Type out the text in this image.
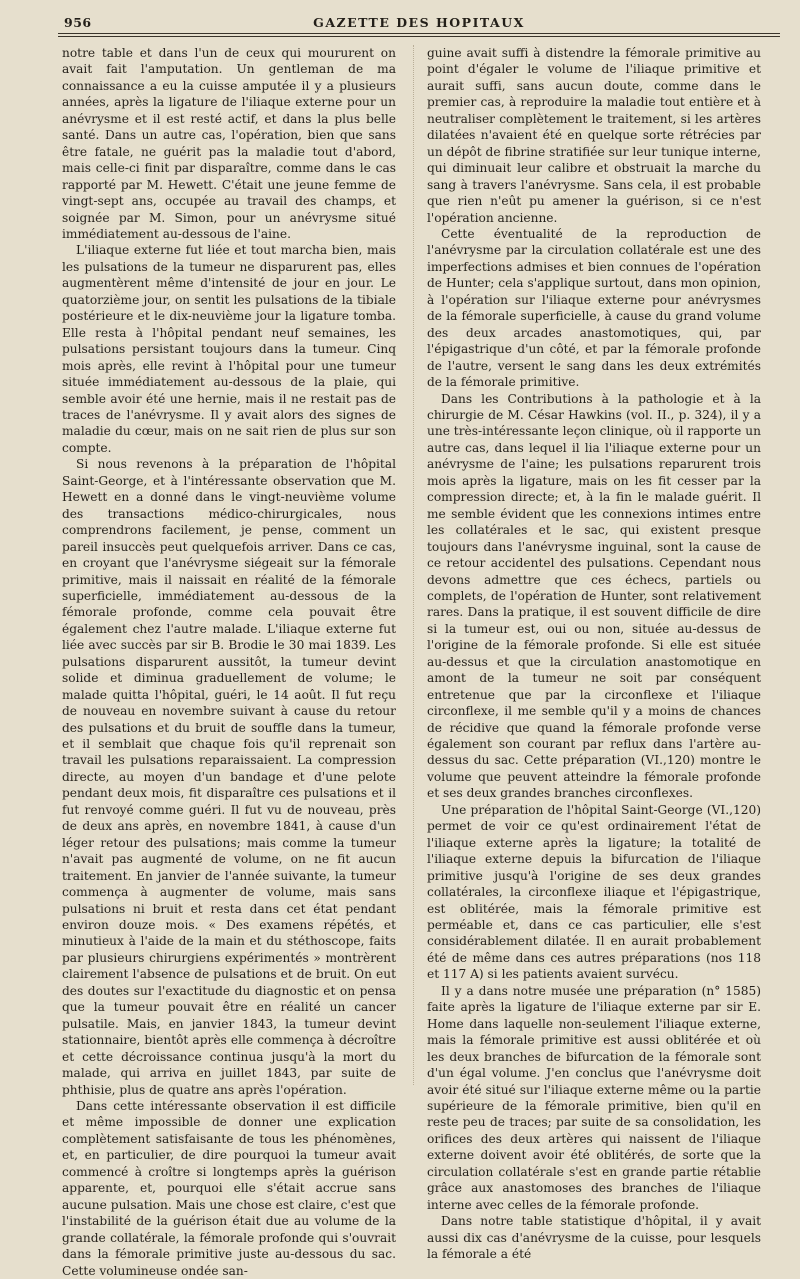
956	GAZETTE DES HOPITAUX

notre table et dans l'un de ceux qui moururent on avait fait l'amputation. Un gentleman de ma connaissance a eu la cuisse amputée il y a plusieurs années, après la ligature de l'iliaque externe pour un anévrysme et il est resté actif, et dans la plus belle santé. Dans un autre cas, l'opération, bien que sans être fatale, ne guérit pas la maladie tout d'abord, mais celle-ci finit par disparaître, comme dans le cas rapporté par M. Hewett. C'était une jeune femme de vingt-sept ans, occupée au travail des champs, et soignée par M. Simon, pour un anévrysme situé immédiatement au-dessous de l'aine.

L'iliaque externe fut liée et tout marcha bien, mais les pulsations de la tumeur ne disparurent pas, elles augmentèrent même d'intensité de jour en jour. Le quatorzième jour, on sentit les pulsations de la tibiale postérieure et le dix-neuvième jour la ligature tomba. Elle resta à l'hôpital pendant neuf semaines, les pulsations persistant toujours dans la tumeur. Cinq mois après, elle revint à l'hôpital pour une tumeur située immédiatement au-dessous de la plaie, qui semble avoir été une hernie, mais il ne restait pas de traces de l'anévrysme. Il y avait alors des signes de maladie du cœur, mais on ne sait rien de plus sur son compte.

Si nous revenons à la préparation de l'hôpital Saint-George, et à l'intéressante observation que M. Hewett en a donné dans le vingt-neuvième volume des transactions médico-chirurgicales, nous comprendrons facilement, je pense, comment un pareil insuccès peut quelquefois arriver. Dans ce cas, en croyant que l'anévrysme siégeait sur la fémorale primitive, mais il naissait en réalité de la fémorale superficielle, immédiatement au-dessous de la fémorale profonde, comme cela pouvait être également chez l'autre malade. L'iliaque externe fut liée avec succès par sir B. Brodie le 30 mai 1839. Les pulsations disparurent aussitôt, la tumeur devint solide et diminua graduellement de volume; le malade quitta l'hôpital, guéri, le 14 août. Il fut reçu de nouveau en novembre suivant à cause du retour des pulsations et du bruit de souffle dans la tumeur, et il semblait que chaque fois qu'il reprenait son travail les pulsations reparaissaient. La compression directe, au moyen d'un bandage et d'une pelote pendant deux mois, fit disparaître ces pulsations et il fut renvoyé comme guéri. Il fut vu de nouveau, près de deux ans après, en novembre 1841, à cause d'un léger retour des pulsations; mais comme la tumeur n'avait pas augmenté de volume, on ne fit aucun traitement. En janvier de l'année suivante, la tumeur commença à augmenter de volume, mais sans pulsations ni bruit et resta dans cet état pendant environ douze mois. « Des examens répétés, et minutieux à l'aide de la main et du stéthoscope, faits par plusieurs chirurgiens expérimentés » montrèrent clairement l'absence de pulsations et de bruit. On eut des doutes sur l'exactitude du diagnostic et on pensa que la tumeur pouvait être en réalité un cancer pulsatile. Mais, en janvier 1843, la tumeur devint stationnaire, bientôt après elle commença à décroître et cette décroissance continua jusqu'à la mort du malade, qui arriva en juillet 1843, par suite de phthisie, plus de quatre ans après l'opération.

Dans cette intéressante observation il est difficile et même impossible de donner une explication complètement satisfaisante de tous les phénomènes, et, en particulier, de dire pourquoi la tumeur avait commencé à croître si longtemps après la guérison apparente, et, pourquoi elle s'était accrue sans aucune pulsation. Mais une chose est claire, c'est que l'instabilité de la guérison était due au volume de la grande collatérale, la fémorale profonde qui s'ouvrait dans la fémorale primitive juste au-dessous du sac. Cette volumineuse ondée san-

guine avait suffi à distendre la fémorale primitive au point d'égaler le volume de l'iliaque primitive et aurait suffi, sans aucun doute, comme dans le premier cas, à reproduire la maladie tout entière et à neutraliser complètement le traitement, si les artères dilatées n'avaient été en quelque sorte rétrécies par un dépôt de fibrine stratifiée sur leur tunique interne, qui diminuait leur calibre et obstruait la marche du sang à travers l'anévrysme. Sans cela, il est probable que rien n'eût pu amener la guérison, si ce n'est l'opération ancienne.

Cette éventualité de la reproduction de l'anévrysme par la circulation collatérale est une des imperfections admises et bien connues de l'opération de Hunter; cela s'applique surtout, dans mon opinion, à l'opération sur l'iliaque externe pour anévrysmes de la fémorale superficielle, à cause du grand volume des deux arcades anastomotiques, qui, par l'épigastrique d'un côté, et par la fémorale profonde de l'autre, versent le sang dans les deux extrémités de la fémorale primitive.

Dans les Contributions à la pathologie et à la chirurgie de M. César Hawkins (vol. II., p. 324), il y a une très-intéressante leçon clinique, où il rapporte un autre cas, dans lequel il lia l'iliaque externe pour un anévrysme de l'aine; les pulsations reparurent trois mois après la ligature, mais on les fit cesser par la compression directe; et, à la fin le malade guérit. Il me semble évident que les connexions intimes entre les collatérales et le sac, qui existent presque toujours dans l'anévrysme inguinal, sont la cause de ce retour accidentel des pulsations. Cependant nous devons admettre que ces échecs, partiels ou complets, de l'opération de Hunter, sont relativement rares. Dans la pratique, il est souvent difficile de dire si la tumeur est, oui ou non, située au-dessus de l'origine de la fémorale profonde. Si elle est située au-dessus et que la circulation anastomotique en amont de la tumeur ne soit par conséquent entretenue que par la circonflexe et l'iliaque circonflexe, il me semble qu'il y a moins de chances de récidive que quand la fémorale profonde verse également son courant par reflux dans l'artère au-dessus du sac. Cette préparation (VI.,120) montre le volume que peuvent atteindre la fémorale profonde et ses deux grandes branches circonflexes.

Une préparation de l'hôpital Saint-George (VI.,120) permet de voir ce qu'est ordinairement l'état de l'iliaque externe après la ligature; la totalité de l'iliaque externe depuis la bifurcation de l'iliaque primitive jusqu'à l'origine de ses deux grandes collatérales, la circonflexe iliaque et l'épigastrique, est oblitérée, mais la fémorale primitive est perméable et, dans ce cas particulier, elle s'est considérablement dilatée. Il en aurait probablement été de même dans ces autres préparations (nos 118 et 117 A) si les patients avaient survécu.

Il y a dans notre musée une préparation (n° 1585) faite après la ligature de l'iliaque externe par sir E. Home dans laquelle non-seulement l'iliaque externe, mais la fémorale primitive est aussi oblitérée et où les deux branches de bifurcation de la fémorale sont d'un égal volume. J'en conclus que l'anévrysme doit avoir été situé sur l'iliaque externe même ou la partie supérieure de la fémorale primitive, bien qu'il en reste peu de traces; par suite de sa consolidation, les orifices des deux artères qui naissent de l'iliaque externe doivent avoir été oblitérés, de sorte que la circulation collatérale s'est en grande partie rétablie grâce aux anastomoses des branches de l'iliaque interne avec celles de la fémorale profonde.

Dans notre table statistique d'hôpital, il y avait aussi dix cas d'anévrysme de la cuisse, pour lesquels la fémorale a été
